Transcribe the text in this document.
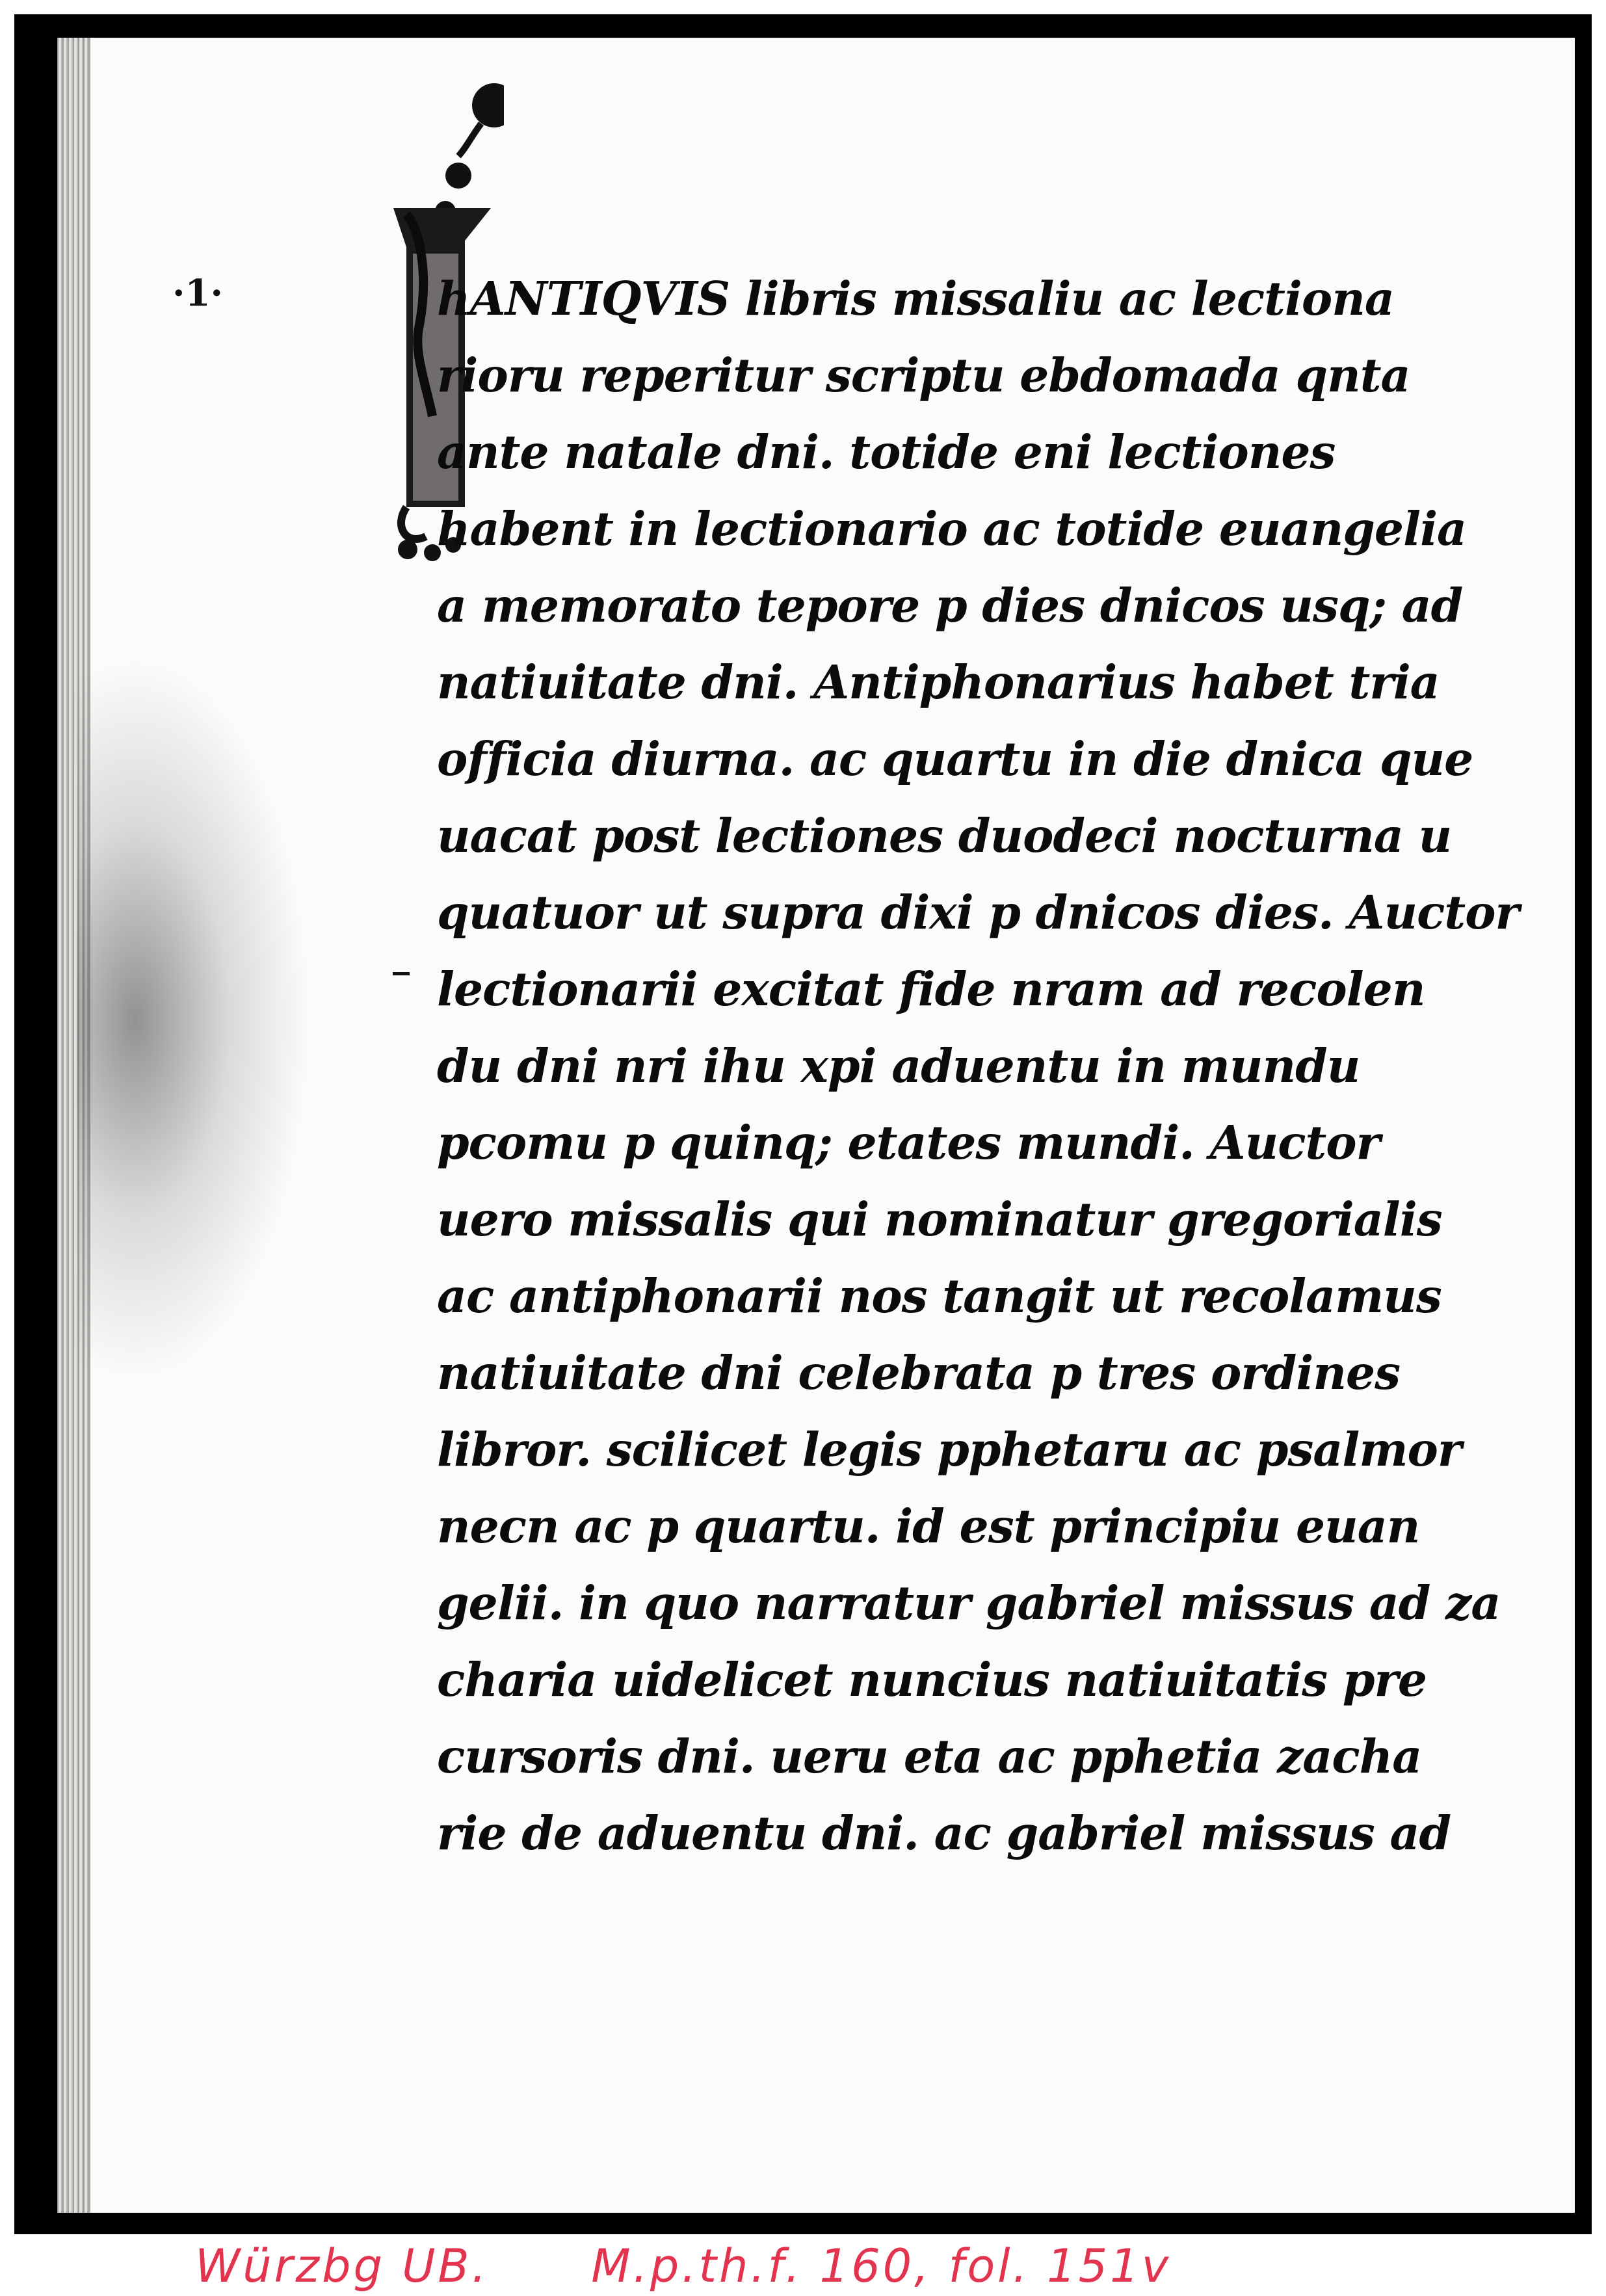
·1·	hANTIQVIS libris missaliu ac lectiona
rioru reperitur scriptu ebdomada qnta
ante natale dni. totide eni lectiones
habent in lectionario ac totide euangelia
a memorato tepore p dies dnicos usq; ad
natiuitate dni. Antiphonarius habet tria
officia diurna. ac quartu in die dnica que
uacat post lectiones duodeci nocturna u
quatuor ut supra dixi p dnicos dies. Auctor
lectionarii excitat fide nram ad recolen
du dni nri ihu xpi aduentu in mundu
pcomu p quinq; etates mundi. Auctor
uero missalis qui nominatur gregorialis
ac antiphonarii nos tangit ut recolamus
natiuitate dni celebrata p tres ordines
libror. scilicet legis pphetaru ac psalmor
necn ac p quartu. id est principiu euan
gelii. in quo narratur gabriel missus ad za
charia uidelicet nuncius natiuitatis pre
cursoris dni. ueru eta ac pphetia zacha
rie de aduentu dni. ac gabriel missus ad
Würzbg UB. M.p.th.f. 160, fol. 151v
